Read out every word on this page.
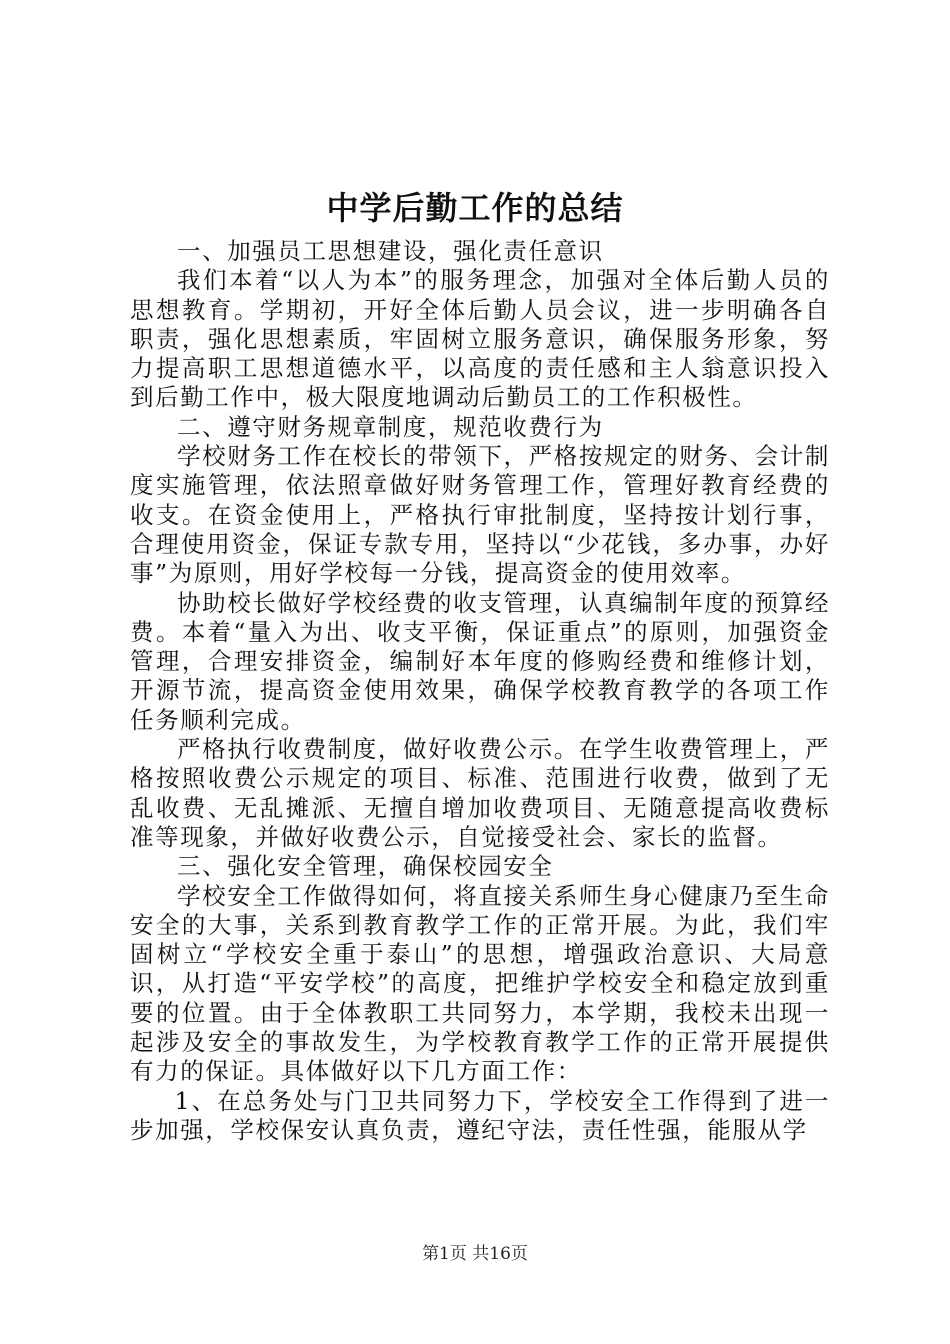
中学后勤工作的总结

一、加强员工思想建设，强化责任意识

我们本着“以人为本”的服务理念，加强对全体后勤人员的思想教育。学期初，开好全体后勤人员会议，进一步明确各自职责，强化思想素质，牢固树立服务意识，确保服务形象，努力提高职工思想道德水平，以高度的责任感和主人翁意识投入到后勤工作中，极大限度地调动后勤员工的工作积极性。

二、遵守财务规章制度，规范收费行为

学校财务工作在校长的带领下，严格按规定的财务、会计制度实施管理，依法照章做好财务管理工作，管理好教育经费的收支。在资金使用上，严格执行审批制度，坚持按计划行事，合理使用资金，保证专款专用，坚持以“少花钱，多办事，办好事”为原则，用好学校每一分钱，提高资金的使用效率。

协助校长做好学校经费的收支管理，认真编制年度的预算经费。本着“量入为出、收支平衡，保证重点”的原则，加强资金管理，合理安排资金，编制好本年度的修购经费和维修计划，开源节流，提高资金使用效果，确保学校教育教学的各项工作任务顺利完成。

严格执行收费制度，做好收费公示。在学生收费管理上，严格按照收费公示规定的项目、标准、范围进行收费，做到了无乱收费、无乱摊派、无擅自增加收费项目、无随意提高收费标准等现象，并做好收费公示，自觉接受社会、家长的监督。

三、强化安全管理，确保校园安全

学校安全工作做得如何，将直接关系师生身心健康乃至生命安全的大事，关系到教育教学工作的正常开展。为此，我们牢固树立“学校安全重于泰山”的思想，增强政治意识、大局意识，从打造“平安学校”的高度，把维护学校安全和稳定放到重要的位置。由于全体教职工共同努力，本学期，我校未出现一起涉及安全的事故发生，为学校教育教学工作的正常开展提供有力的保证。具体做好以下几方面工作：

1、在总务处与门卫共同努力下，学校安全工作得到了进一步加强，学校保安认真负责，遵纪守法，责任性强，能服从学

第1页 共16页
